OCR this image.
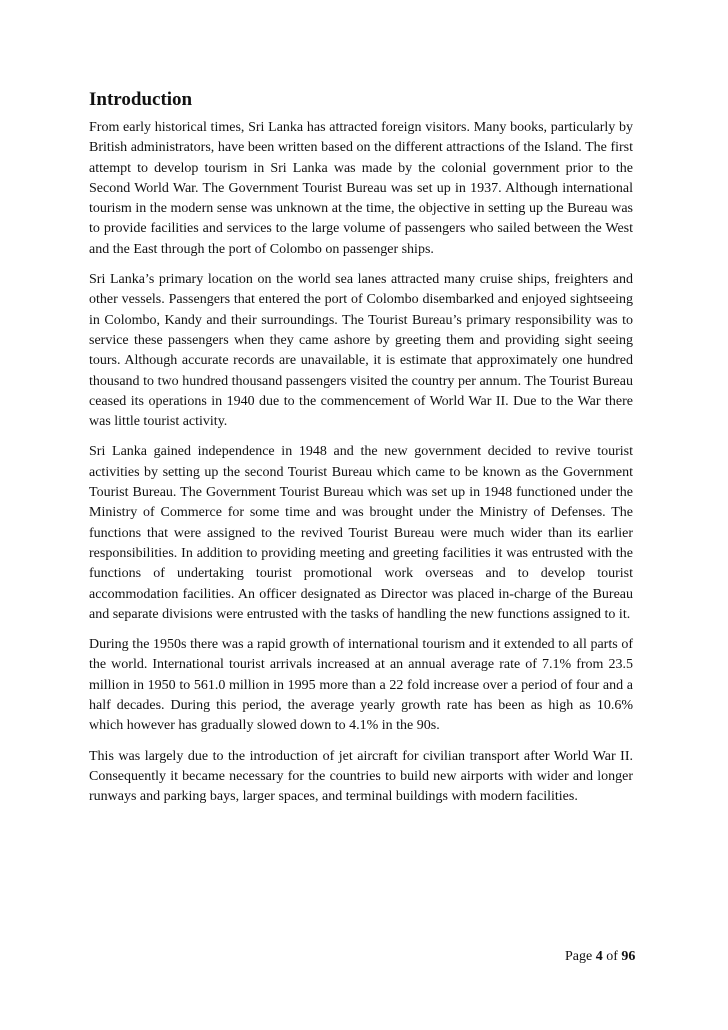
Introduction

From early historical times, Sri Lanka has attracted foreign visitors. Many books, particularly by British administrators, have been written based on the different attractions of the Island. The first attempt to develop tourism in Sri Lanka was made by the colonial government prior to the Second World War. The Government Tourist Bureau was set up in 1937. Although international tourism in the modern sense was unknown at the time, the objective in setting up the Bureau was to provide facilities and services to the large volume of passengers who sailed between the West and the East through the port of Colombo on passenger ships.

Sri Lanka’s primary location on the world sea lanes attracted many cruise ships, freighters and other vessels. Passengers that entered the port of Colombo disembarked and enjoyed sightseeing in Colombo, Kandy and their surroundings. The Tourist Bureau’s primary responsibility was to service these passengers when they came ashore by greeting them and providing sight seeing tours. Although accurate records are unavailable, it is estimate that approximately one hundred thousand to two hundred thousand passengers visited the country per annum. The Tourist Bureau ceased its operations in 1940 due to the commencement of World War II. Due to the War there was little tourist activity.

Sri Lanka gained independence in 1948 and the new government decided to revive tourist activities by setting up the second Tourist Bureau which came to be known as the Government Tourist Bureau. The Government Tourist Bureau which was set up in 1948 functioned under the Ministry of Commerce for some time and was brought under the Ministry of Defenses. The functions that were assigned to the revived Tourist Bureau were much wider than its earlier responsibilities. In addition to providing meeting and greeting facilities it was entrusted with the functions of undertaking tourist promotional work overseas and to develop tourist accommodation facilities. An officer designated as Director was placed in-charge of the Bureau and separate divisions were entrusted with the tasks of handling the new functions assigned to it.

During the 1950s there was a rapid growth of international tourism and it extended to all parts of the world. International tourist arrivals increased at an annual average rate of 7.1% from 23.5 million in 1950 to 561.0 million in 1995 more than a 22 fold increase over a period of four and a half decades. During this period, the average yearly growth rate has been as high as 10.6% which however has gradually slowed down to 4.1% in the 90s.

This was largely due to the introduction of jet aircraft for civilian transport after World War II. Consequently it became necessary for the countries to build new airports with wider and longer runways and parking bays, larger spaces, and terminal buildings with modern facilities.

Page 4 of 96
